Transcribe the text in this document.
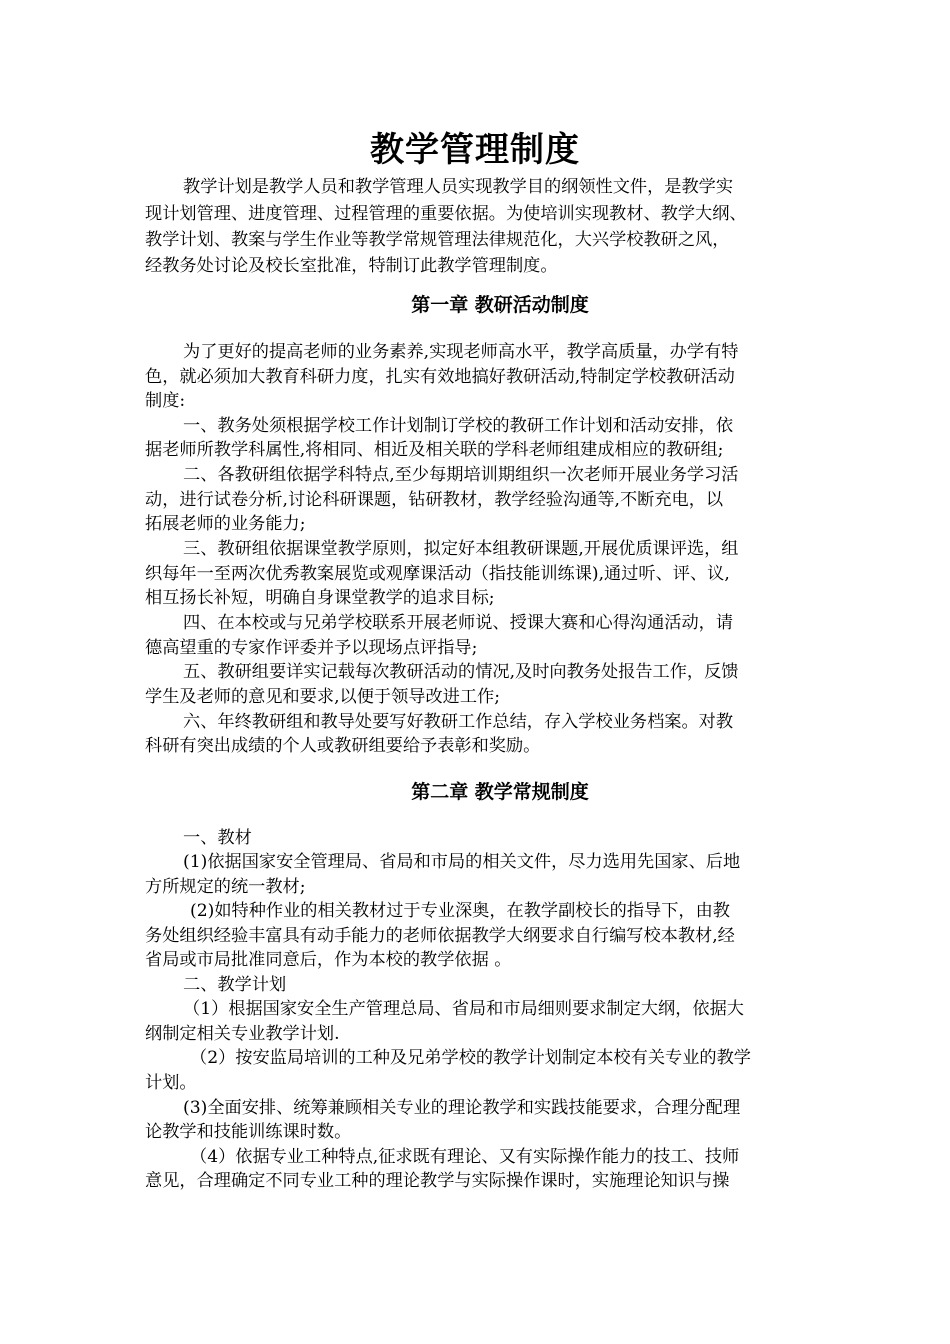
教学管理制度
教学计划是教学人员和教学管理人员实现教学目的纲领性文件，是教学实
现计划管理、进度管理、过程管理的重要依据。为使培训实现教材、教学大纲、
教学计划、教案与学生作业等教学常规管理法律规范化，大兴学校教研之风，
经教务处讨论及校长室批准，特制订此教学管理制度。
第一章 教研活动制度
为了更好的提高老师的业务素养,实现老师高水平，教学高质量，办学有特
色，就必须加大教育科研力度，扎实有效地搞好教研活动,特制定学校教研活动
制度:
一、教务处须根据学校工作计划制订学校的教研工作计划和活动安排，依
据老师所教学科属性,将相同、相近及相关联的学科老师组建成相应的教研组;
二、各教研组依据学科特点,至少每期培训期组织一次老师开展业务学习活
动，进行试卷分析,讨论科研课题，钻研教材，教学经验沟通等,不断充电，以
拓展老师的业务能力;
三、教研组依据课堂教学原则，拟定好本组教研课题,开展优质课评选，组
织每年一至两次优秀教案展览或观摩课活动（指技能训练课),通过听、评、议,
相互扬长补短，明确自身课堂教学的追求目标;
四、在本校或与兄弟学校联系开展老师说、授课大赛和心得沟通活动，请
德高望重的专家作评委并予以现场点评指导;
五、教研组要详实记载每次教研活动的情况,及时向教务处报告工作，反馈
学生及老师的意见和要求,以便于领导改进工作;
六、年终教研组和教导处要写好教研工作总结，存入学校业务档案。对教
科研有突出成绩的个人或教研组要给予表彰和奖励。
第二章 教学常规制度
一、教材
(1)依据国家安全管理局、省局和市局的相关文件，尽力选用先国家、后地
方所规定的统一教材;
(2)如特种作业的相关教材过于专业深奥，在教学副校长的指导下，由教
务处组织经验丰富具有动手能力的老师依据教学大纲要求自行编写校本教材,经
省局或市局批准同意后，作为本校的教学依据 。
二、教学计划
（1）根据国家安全生产管理总局、省局和市局细则要求制定大纲，依据大
纲制定相关专业教学计划.
（2）按安监局培训的工种及兄弟学校的教学计划制定本校有关专业的教学
计划。
(3)全面安排、统筹兼顾相关专业的理论教学和实践技能要求，合理分配理
论教学和技能训练课时数。
（4）依据专业工种特点,征求既有理论、又有实际操作能力的技工、技师
意见，合理确定不同专业工种的理论教学与实际操作课时，实施理论知识与操
